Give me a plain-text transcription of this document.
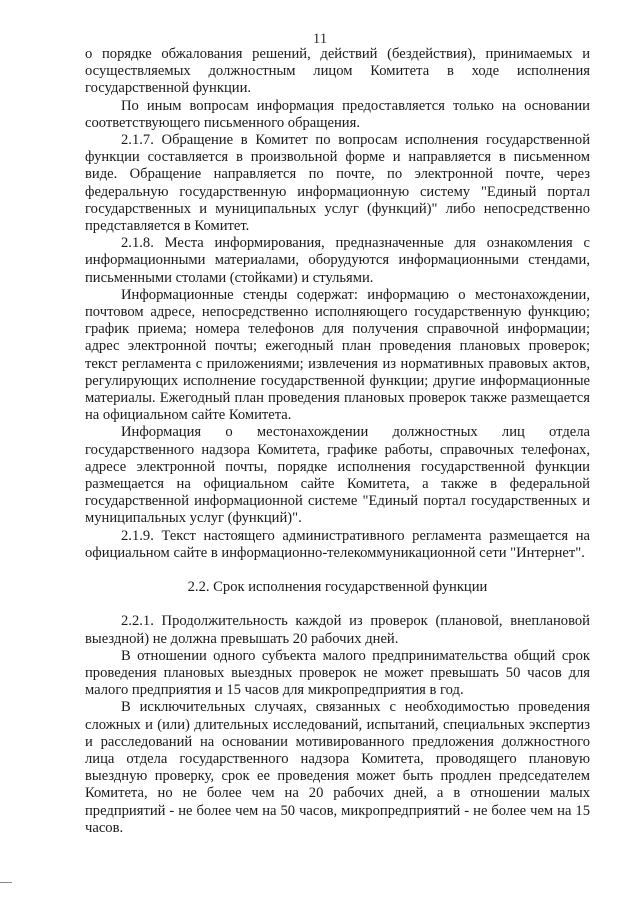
11

о порядке обжалования решений, действий (бездействия), принимаемых и осуществляемых должностным лицом Комитета в ходе исполнения государственной функции.

По иным вопросам информация предоставляется только на основании соответствующего письменного обращения.

2.1.7. Обращение в Комитет по вопросам исполнения государственной функции составляется в произвольной форме и направляется в письменном виде. Обращение направляется по почте, по электронной почте, через федеральную государственную информационную систему "Единый портал государственных и муниципальных услуг (функций)" либо непосредственно представляется в Комитет.

2.1.8. Места информирования, предназначенные для ознакомления с информационными материалами, оборудуются информационными стендами, письменными столами (стойками) и стульями.

Информационные стенды содержат: информацию о местонахождении, почтовом адресе, непосредственно исполняющего государственную функцию; график приема; номера телефонов для получения справочной информации; адрес электронной почты; ежегодный план проведения плановых проверок; текст регламента с приложениями; извлечения из нормативных правовых актов, регулирующих исполнение государственной функции; другие информационные материалы. Ежегодный план проведения плановых проверок также размещается на официальном сайте Комитета.

Информация о местонахождении должностных лиц отдела государственного надзора Комитета, графике работы, справочных телефонах, адресе электронной почты, порядке исполнения государственной функции размещается на официальном сайте Комитета, а также в федеральной государственной информационной системе "Единый портал государственных и муниципальных услуг (функций)".

2.1.9. Текст настоящего административного регламента размещается на официальном сайте в информационно-телекоммуникационной сети "Интернет".

2.2. Срок исполнения государственной функции

2.2.1. Продолжительность каждой из проверок (плановой, внеплановой выездной) не должна превышать 20 рабочих дней.

В отношении одного субъекта малого предпринимательства общий срок проведения плановых выездных проверок не может превышать 50 часов для малого предприятия и 15 часов для микропредприятия в год.

В исключительных случаях, связанных с необходимостью проведения сложных и (или) длительных исследований, испытаний, специальных экспертиз и расследований на основании мотивированного предложения должностного лица отдела государственного надзора Комитета, проводящего плановую выездную проверку, срок ее проведения может быть продлен председателем Комитета, но не более чем на 20 рабочих дней, а в отношении малых предприятий - не более чем на 50 часов, микропредприятий - не более чем на 15 часов.
